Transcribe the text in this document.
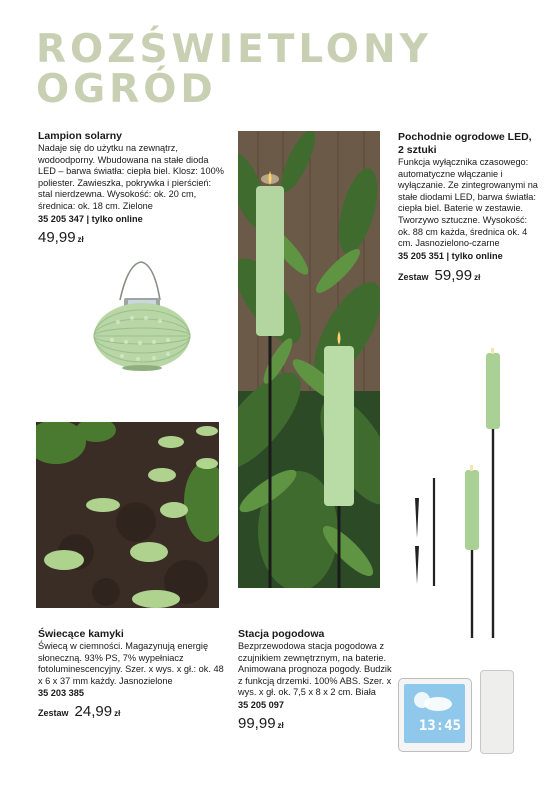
ROZŚWIETLONY
OGRÓD

Lampion solarny

Nadaje się do użytku na zewnątrz, wodoodporny. Wbudowana na stałe dioda LED – barwa światła: ciepła biel. Klosz: 100% poliester. Zawieszka, pokrywka i pierścień: stal nierdzewna. Wysokość: ok. 20 cm, średnica: ok. 18 cm. Zielone

35 205 347 | tylko online

49,99 zł

Pochodnie ogrodowe LED, 2 sztuki

Funkcja wyłącznika czasowego: automatyczne włączanie i wyłączanie. Ze zintegrowanymi na stałe diodami LED, barwa światła: ciepła biel. Baterie w zestawie. Tworzywo sztuczne. Wysokość: ok. 88 cm każda, średnica ok. 4 cm. Jasnozielono-czarne

35 205 351 | tylko online

Zestaw 59,99 zł

Świecące kamyki

Świecą w ciemności. Magazynują energię słoneczną. 93% PS, 7% wypełniacz fotoluminescencyjny. Szer. x wys. x gł.: ok. 48 x 6 x 37 mm każdy. Jasnozielone

35 203 385

Zestaw 24,99 zł

Stacja pogodowa

Bezprzewodowa stacja pogodowa z czujnikiem zewnętrznym, na baterie. Animowana prognoza pogody. Budzik z funkcją drzemki. 100% ABS. Szer. x wys. x gł. ok. 7,5 x 8 x 2 cm. Biała

35 205 097

99,99 zł	13:45
